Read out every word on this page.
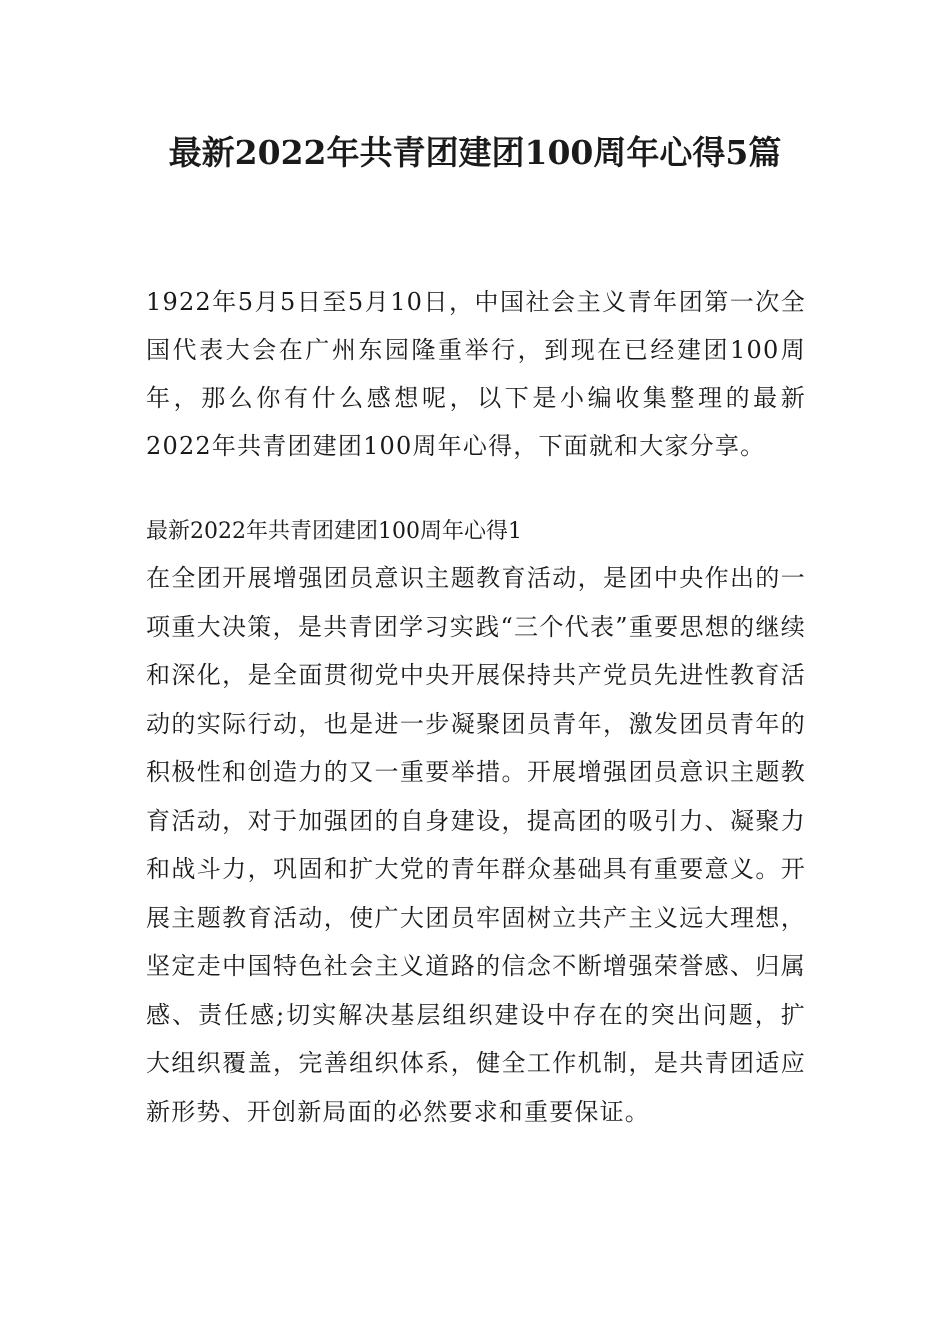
最新2022年共青团建团100周年心得5篇

1922年5月5日至5月10日，中国社会主义青年团第一次全国代表大会在广州东园隆重举行，到现在已经建团100周年，那么你有什么感想呢，以下是小编收集整理的最新2022年共青团建团100周年心得，下面就和大家分享。

最新2022年共青团建团100周年心得1

在全团开展增强团员意识主题教育活动，是团中央作出的一项重大决策，是共青团学习实践“三个代表”重要思想的继续和深化，是全面贯彻党中央开展保持共产党员先进性教育活动的实际行动，也是进一步凝聚团员青年，激发团员青年的积极性和创造力的又一重要举措。开展增强团员意识主题教育活动，对于加强团的自身建设，提高团的吸引力、凝聚力和战斗力，巩固和扩大党的青年群众基础具有重要意义。开展主题教育活动，使广大团员牢固树立共产主义远大理想，坚定走中国特色社会主义道路的信念不断增强荣誉感、归属感、责任感;切实解决基层组织建设中存在的突出问题，扩大组织覆盖，完善组织体系，健全工作机制，是共青团适应新形势、开创新局面的必然要求和重要保证。
